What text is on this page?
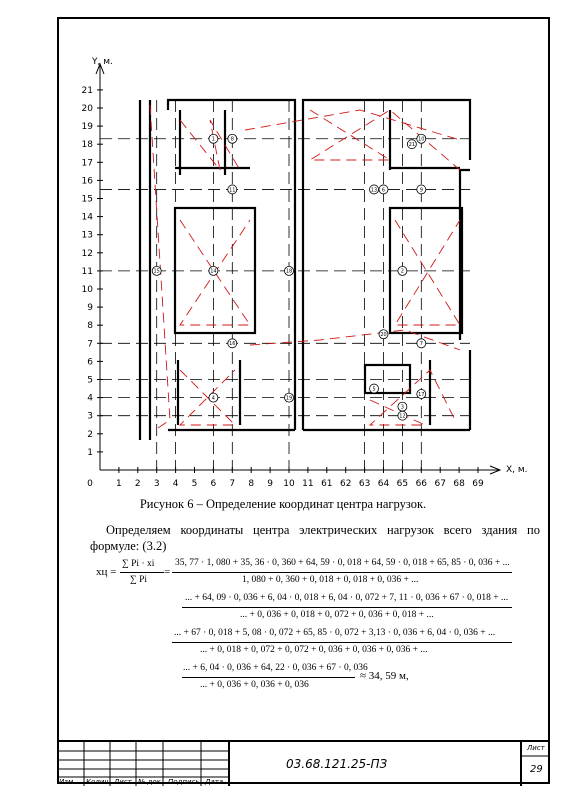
Y, м.
X, м.
1
2
3
4
5
6
7
8
9
10
11
12
13
14
15
16
17
18
19
20
21
0	1 2 3 4 5 6 7 8 9 10 11 61 62 63 64 65 66 67 68 69
1
2
3
4
5
6
7
8
9
10
11
12
13
14
15
16
17
18
19
20
21
Рисунок 6 – Определение координат центра нагрузок.
Определяем координаты центра электрических нагрузок всего здания по формуле: (3.2)
xц =
∑ Pi · xi
∑ Pi
=
35, 77 · 1, 080 + 35, 36 · 0, 360 + 64, 59 · 0, 018 + 64, 59 · 0, 018 + 65, 85 · 0, 036 + ...
1, 080 + 0, 360 + 0, 018 + 0, 018 + 0, 036 + ...
... + 64, 09 · 0, 036 + 6, 04 · 0, 018 + 6, 04 · 0, 072 + 7, 11 · 0, 036 + 67 · 0, 018 + ...
... + 0, 036 + 0, 018 + 0, 072 + 0, 036 + 0, 018 + ...
... + 67 · 0, 018 + 5, 08 · 0, 072 + 65, 85 · 0, 072 + 3,13 · 0, 036 + 6, 04 · 0, 036 + ...
... + 0, 018 + 0, 072 + 0, 072 + 0, 036 + 0, 036 + 0, 036 + ...
... + 6, 04 · 0, 036 + 64, 22 · 0, 036 + 67 · 0, 036
... + 0, 036 + 0, 036 + 0, 036
≈ 34, 59 м,
Изм. Колич. Лист № док. Подпись Дата
03.68.121.25-ПЗ
Лист
29
